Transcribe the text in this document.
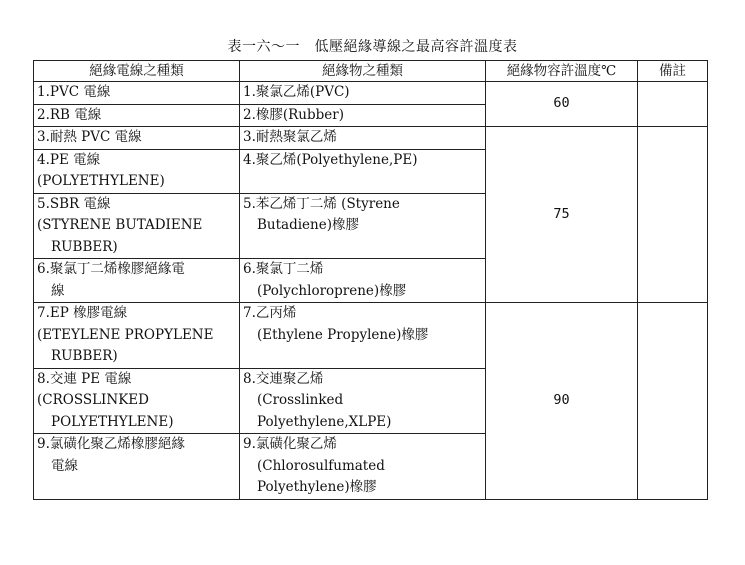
表一六～一　低壓絕緣導線之最高容許溫度表
絕緣電線之種類	絕緣物之種類	絕緣物容許溫度℃	備註

1.PVC 電線	1.聚氯乙烯(PVC)	60	

2.RB 電線	2.橡膠(Rubber)		

3.耐熱 PVC 電線	3.耐熱聚氯乙烯	75	

4.PE 電線
(POLYETHYLENE)	4.聚乙烯(Polyethylene,PE)		

5.SBR 電線
(STYRENE BUTADIENE
RUBBER)	5.苯乙烯丁二烯 (Styrene
Butadiene)橡膠		

6.聚氯丁二烯橡膠絕緣電
線	6.聚氯丁二烯
(Polychloroprene)橡膠		

7.EP 橡膠電線
(ETEYLENE PROPYLENE
RUBBER)	7.乙丙烯
(Ethylene Propylene)橡膠	90	

8.交連 PE 電線
(CROSSLINKED
POLYETHYLENE)	8.交連聚乙烯
(Crosslinked
Polyethylene,XLPE)		

9.氯磺化聚乙烯橡膠絕緣
電線	9.氯磺化聚乙烯
(Chlorosulfumated
Polyethylene)橡膠		
